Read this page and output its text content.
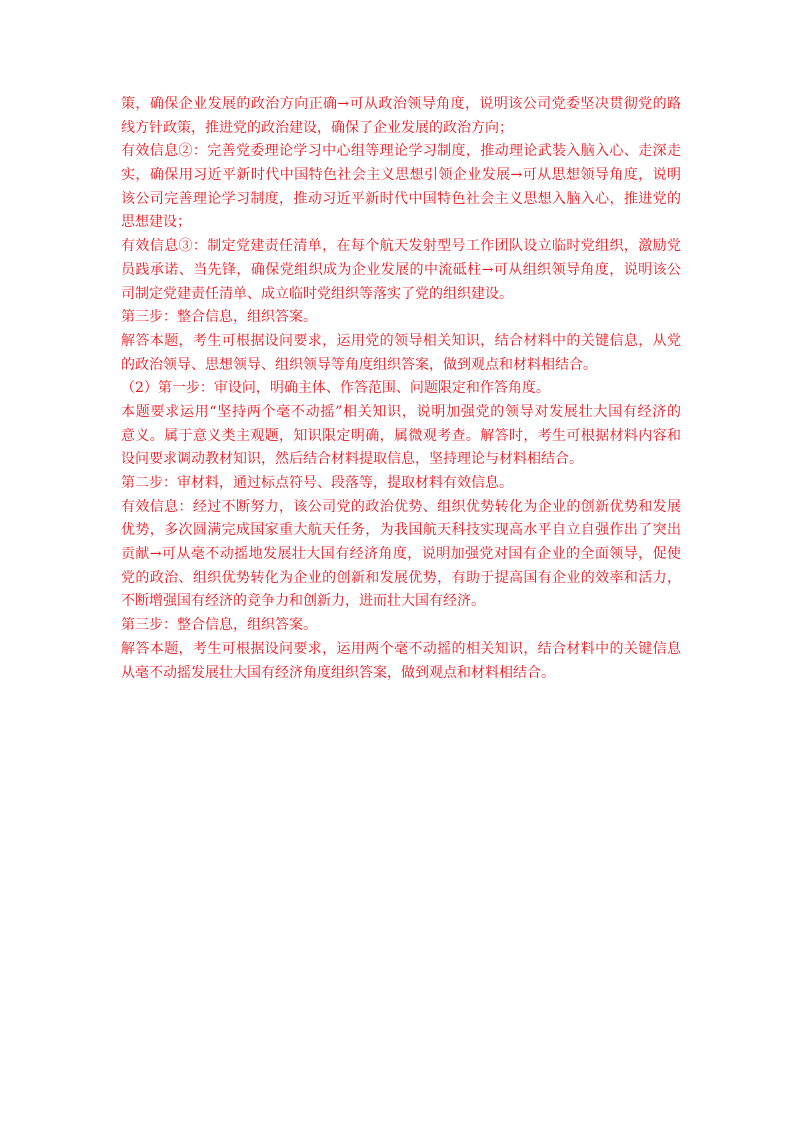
策，确保企业发展的政治方向正确→可从政治领导角度，说明该公司党委坚决贯彻党的路
线方针政策，推进党的政治建设，确保了企业发展的政治方向；
有效信息②：完善党委理论学习中心组等理论学习制度，推动理论武装入脑入心、走深走
实，确保用习近平新时代中国特色社会主义思想引领企业发展→可从思想领导角度，说明
该公司完善理论学习制度，推动习近平新时代中国特色社会主义思想入脑入心，推进党的
思想建设；
有效信息③：制定党建责任清单，在每个航天发射型号工作团队设立临时党组织，激励党
员践承诺、当先锋，确保党组织成为企业发展的中流砥柱→可从组织领导角度，说明该公
司制定党建责任清单、成立临时党组织等落实了党的组织建设。
第三步：整合信息，组织答案。
解答本题，考生可根据设问要求，运用党的领导相关知识，结合材料中的关键信息，从党
的政治领导、思想领导、组织领导等角度组织答案，做到观点和材料相结合。
（2）第一步：审设问，明确主体、作答范围、问题限定和作答角度。
本题要求运用“坚持两个毫不动摇”相关知识，说明加强党的领导对发展壮大国有经济的
意义。属于意义类主观题，知识限定明确，属微观考查。解答时，考生可根据材料内容和
设问要求调动教材知识，然后结合材料提取信息，坚持理论与材料相结合。
第二步：审材料，通过标点符号、段落等，提取材料有效信息。
有效信息：经过不断努力，该公司党的政治优势、组织优势转化为企业的创新优势和发展
优势，多次圆满完成国家重大航天任务，为我国航天科技实现高水平自立自强作出了突出
贡献→可从毫不动摇地发展壮大国有经济角度，说明加强党对国有企业的全面领导，促使
党的政治、组织优势转化为企业的创新和发展优势，有助于提高国有企业的效率和活力，
不断增强国有经济的竞争力和创新力，进而壮大国有经济。
第三步：整合信息，组织答案。
解答本题，考生可根据设问要求，运用两个毫不动摇的相关知识，结合材料中的关键信息
从毫不动摇发展壮大国有经济角度组织答案，做到观点和材料相结合。
